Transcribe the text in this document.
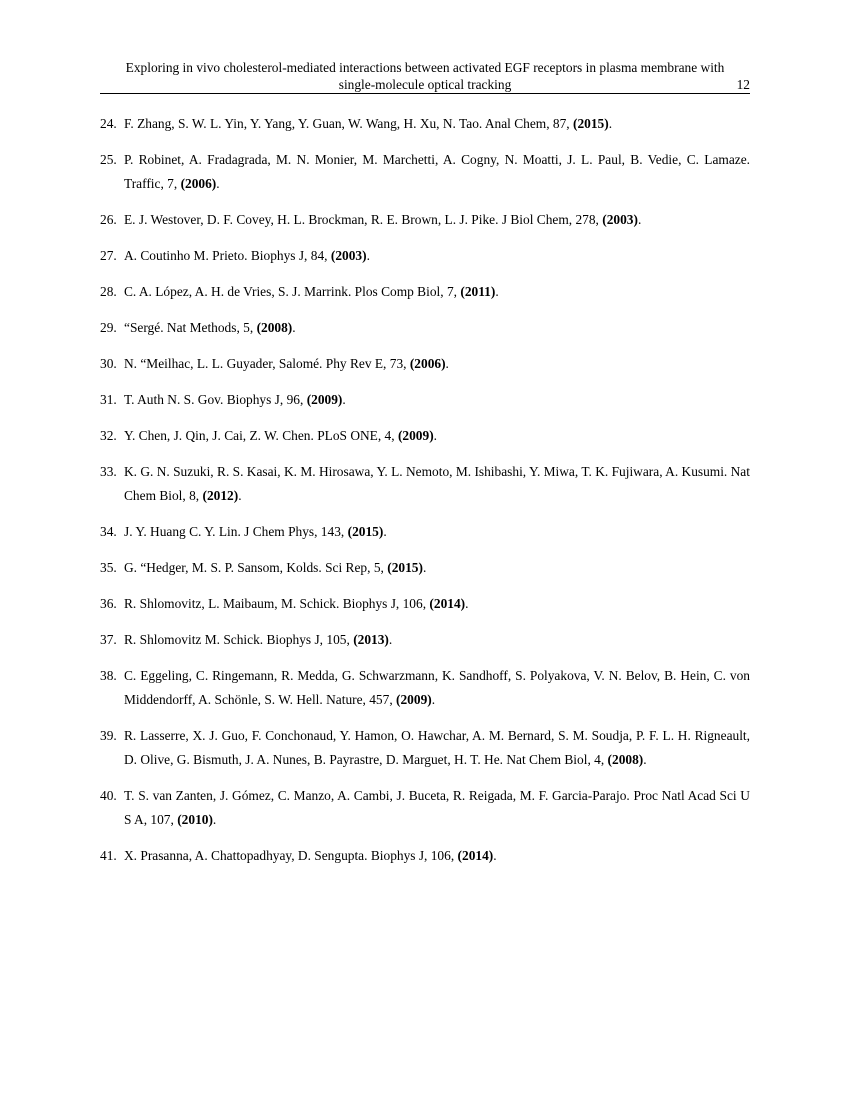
Exploring in vivo cholesterol-mediated interactions between activated EGF receptors in plasma membrane with
single-molecule optical tracking	12
24. F. Zhang, S. W. L. Yin, Y. Yang, Y. Guan, W. Wang, H. Xu, N. Tao. Anal Chem, 87, (2015).
25. P. Robinet, A. Fradagrada, M. N. Monier, M. Marchetti, A. Cogny, N. Moatti, J. L. Paul, B. Vedie, C. Lamaze. Traffic, 7, (2006).
26. E. J. Westover, D. F. Covey, H. L. Brockman, R. E. Brown, L. J. Pike. J Biol Chem, 278, (2003).
27. A. Coutinho M. Prieto. Biophys J, 84, (2003).
28. C. A. López, A. H. de Vries, S. J. Marrink. Plos Comp Biol, 7, (2011).
29. “Sergé. Nat Methods, 5, (2008).
30. N. “Meilhac, L. L. Guyader, Salomé. Phy Rev E, 73, (2006).
31. T. Auth N. S. Gov. Biophys J, 96, (2009).
32. Y. Chen, J. Qin, J. Cai, Z. W. Chen. PLoS ONE, 4, (2009).
33. K. G. N. Suzuki, R. S. Kasai, K. M. Hirosawa, Y. L. Nemoto, M. Ishibashi, Y. Miwa, T. K. Fujiwara, A. Kusumi. Nat Chem Biol, 8, (2012).
34. J. Y. Huang C. Y. Lin. J Chem Phys, 143, (2015).
35. G. “Hedger, M. S. P. Sansom, Kolds. Sci Rep, 5, (2015).
36. R. Shlomovitz, L. Maibaum, M. Schick. Biophys J, 106, (2014).
37. R. Shlomovitz M. Schick. Biophys J, 105, (2013).
38. C. Eggeling, C. Ringemann, R. Medda, G. Schwarzmann, K. Sandhoff, S. Polyakova, V. N. Belov, B. Hein, C. von Middendorff, A. Schönle, S. W. Hell. Nature, 457, (2009).
39. R. Lasserre, X. J. Guo, F. Conchonaud, Y. Hamon, O. Hawchar, A. M. Bernard, S. M. Soudja, P. F. L. H. Rigneault, D. Olive, G. Bismuth, J. A. Nunes, B. Payrastre, D. Marguet, H. T. He. Nat Chem Biol, 4, (2008).
40. T. S. van Zanten, J. Gómez, C. Manzo, A. Cambi, J. Buceta, R. Reigada, M. F. Garcia-Parajo. Proc Natl Acad Sci U S A, 107, (2010).
41. X. Prasanna, A. Chattopadhyay, D. Sengupta. Biophys J, 106, (2014).
